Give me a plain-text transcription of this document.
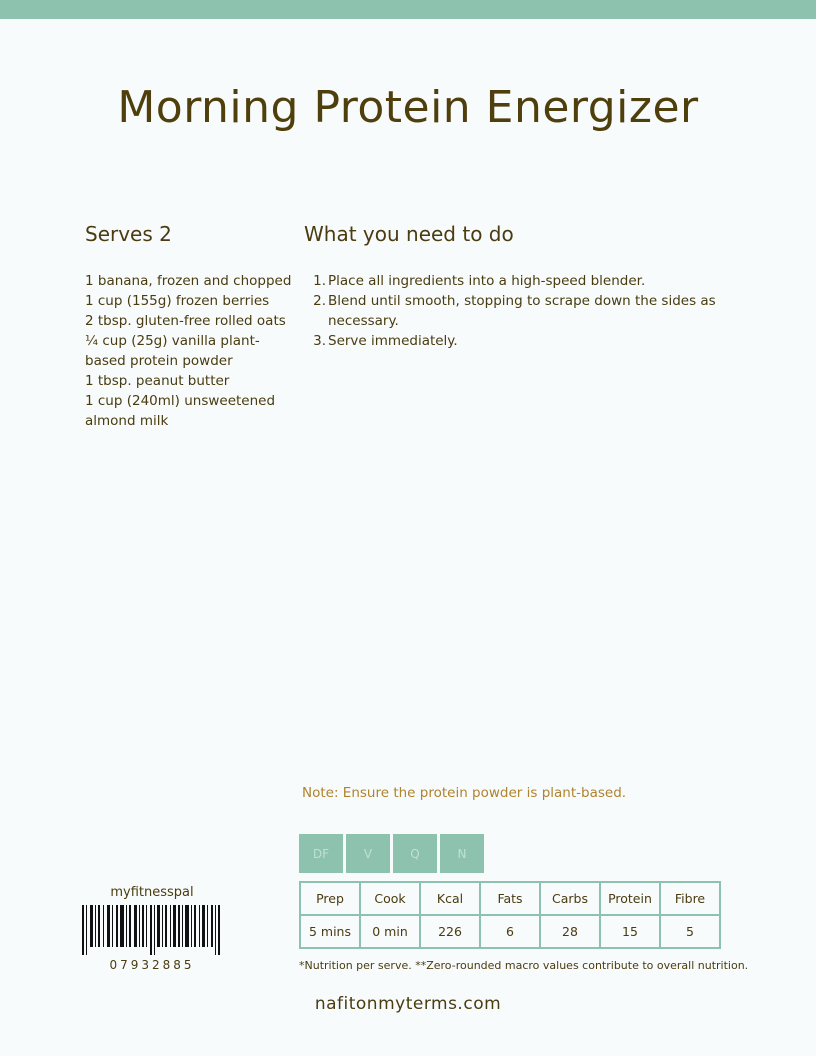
Morning Protein Energizer
Serves 2	What you need to do
1 banana, frozen and chopped
1 cup (155g) frozen berries
2 tbsp. gluten-free rolled oats
¼ cup (25g) vanilla plant-based protein powder
1 tbsp. peanut butter
1 cup (240ml) unsweetened almond milk
1. Place all ingredients into a high-speed blender.
2. Blend until smooth, stopping to scrape down the sides as necessary.
3. Serve immediately.
Note: Ensure the protein powder is plant-based.
DF	V	Q	N
myfitnesspal
07932885
Prep	Cook	Kcal	Fats	Carbs	Protein	Fibre
5 mins	0 min	226	6	28	15	5
*Nutrition per serve. **Zero-rounded macro values contribute to overall nutrition.
nafitonmyterms.com
